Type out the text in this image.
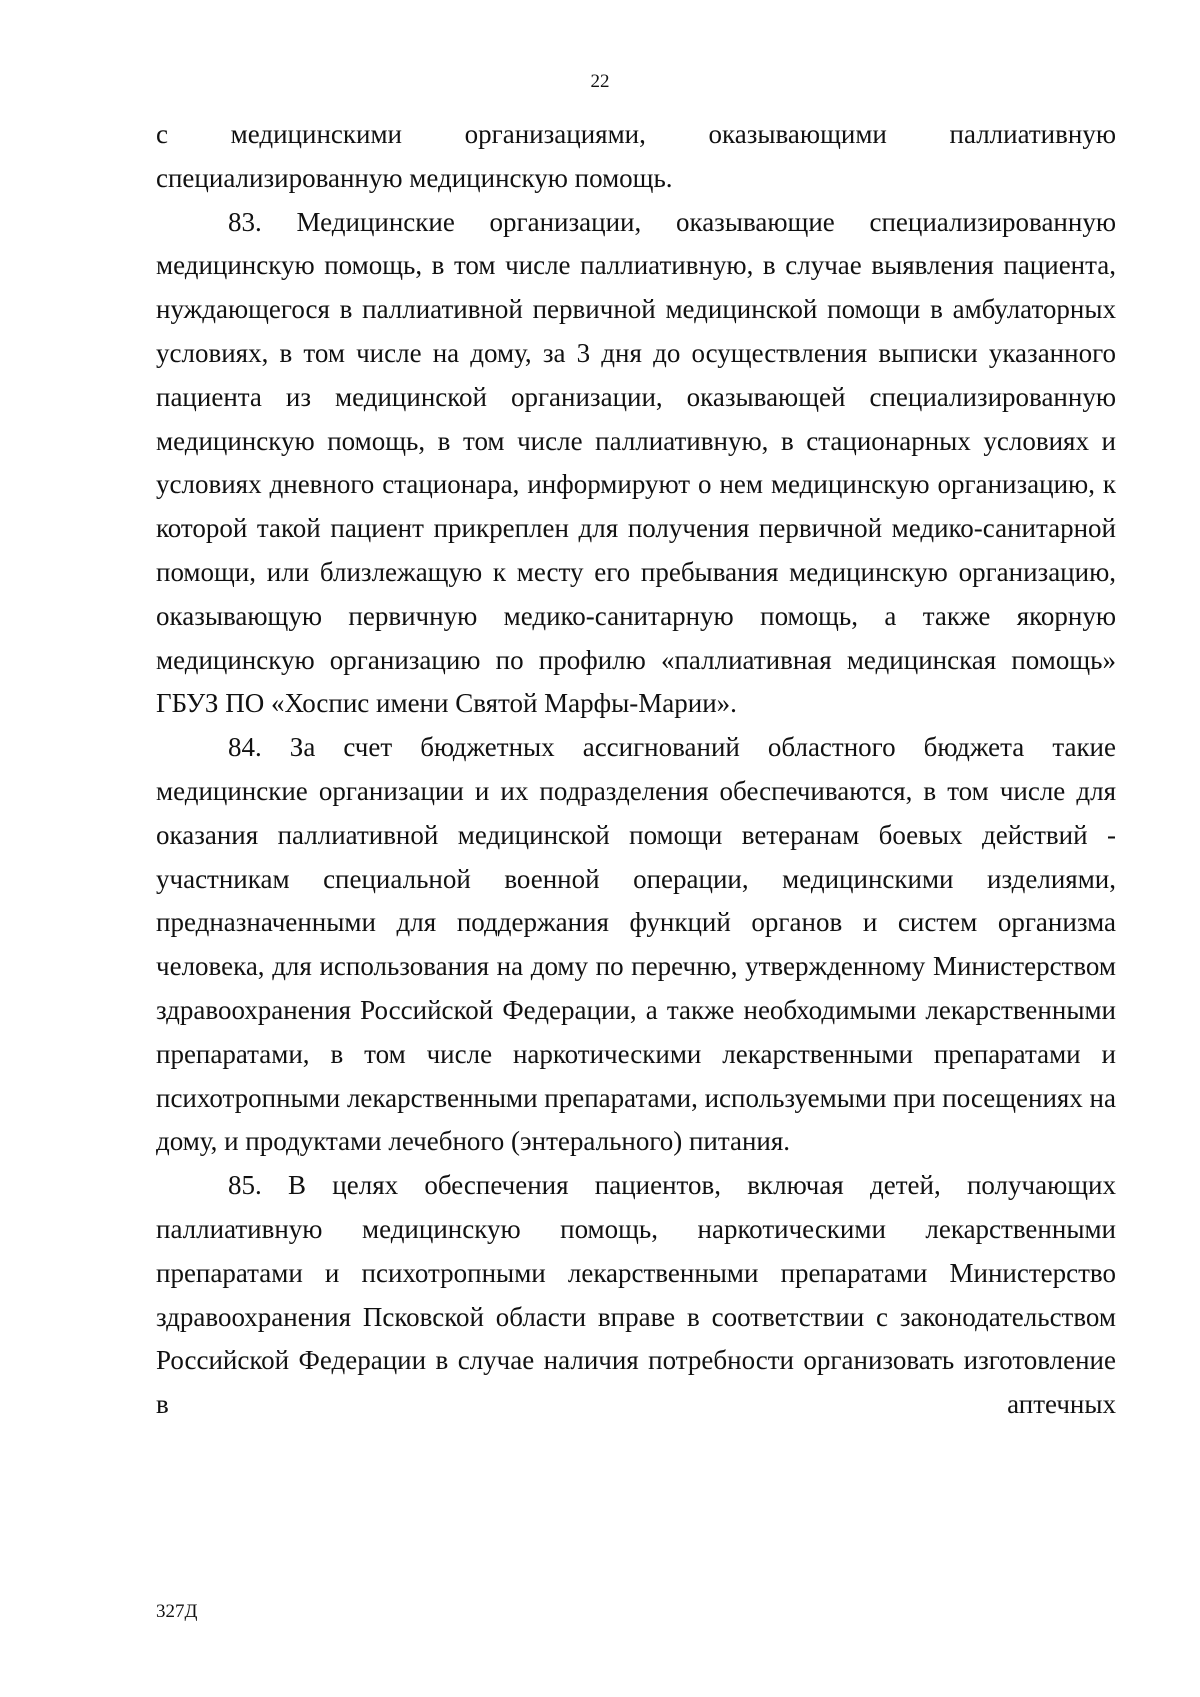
22

с медицинскими организациями, оказывающими паллиативную специализированную медицинскую помощь.

83. Медицинские организации, оказывающие специализированную медицинскую помощь, в том числе паллиативную, в случае выявления пациента, нуждающегося в паллиативной первичной медицинской помощи в амбулаторных условиях, в том числе на дому, за 3 дня до осуществления выписки указанного пациента из медицинской организации, оказывающей специализированную медицинскую помощь, в том числе паллиативную, в стационарных условиях и условиях дневного стационара, информируют о нем медицинскую организацию, к которой такой пациент прикреплен для получения первичной медико-санитарной помощи, или близлежащую к месту его пребывания медицинскую организацию, оказывающую первичную медико-санитарную помощь, а также якорную медицинскую организацию по профилю «паллиативная медицинская помощь» ГБУЗ ПО «Хоспис имени Святой Марфы-Марии».

84. За счет бюджетных ассигнований областного бюджета такие медицинские организации и их подразделения обеспечиваются, в том числе для оказания паллиативной медицинской помощи ветеранам боевых действий - участникам специальной военной операции, медицинскими изделиями, предназначенными для поддержания функций органов и систем организма человека, для использования на дому по перечню, утвержденному Министерством здравоохранения Российской Федерации, а также необходимыми лекарственными препаратами, в том числе наркотическими лекарственными препаратами и психотропными лекарственными препаратами, используемыми при посещениях на дому, и продуктами лечебного (энтерального) питания.

85. В целях обеспечения пациентов, включая детей, получающих паллиативную медицинскую помощь, наркотическими лекарственными препаратами и психотропными лекарственными препаратами Министерство здравоохранения Псковской области вправе в соответствии с законодательством Российской Федерации в случае наличия потребности организовать изготовление в аптечных

327Д
